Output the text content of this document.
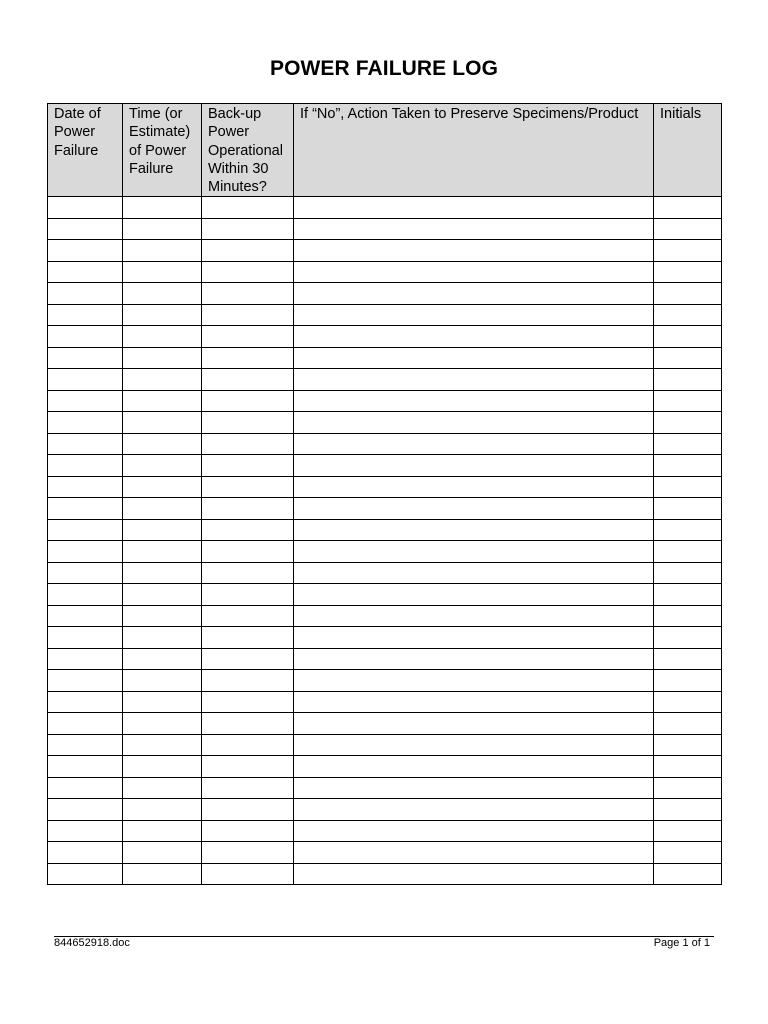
POWER FAILURE LOG
Date of Power Failure	Time (or Estimate) of Power Failure	Back-up Power Operational Within 30 Minutes?	If “No”, Action Taken to Preserve Specimens/Product	Initials

844652918.doc	Page 1 of 1
